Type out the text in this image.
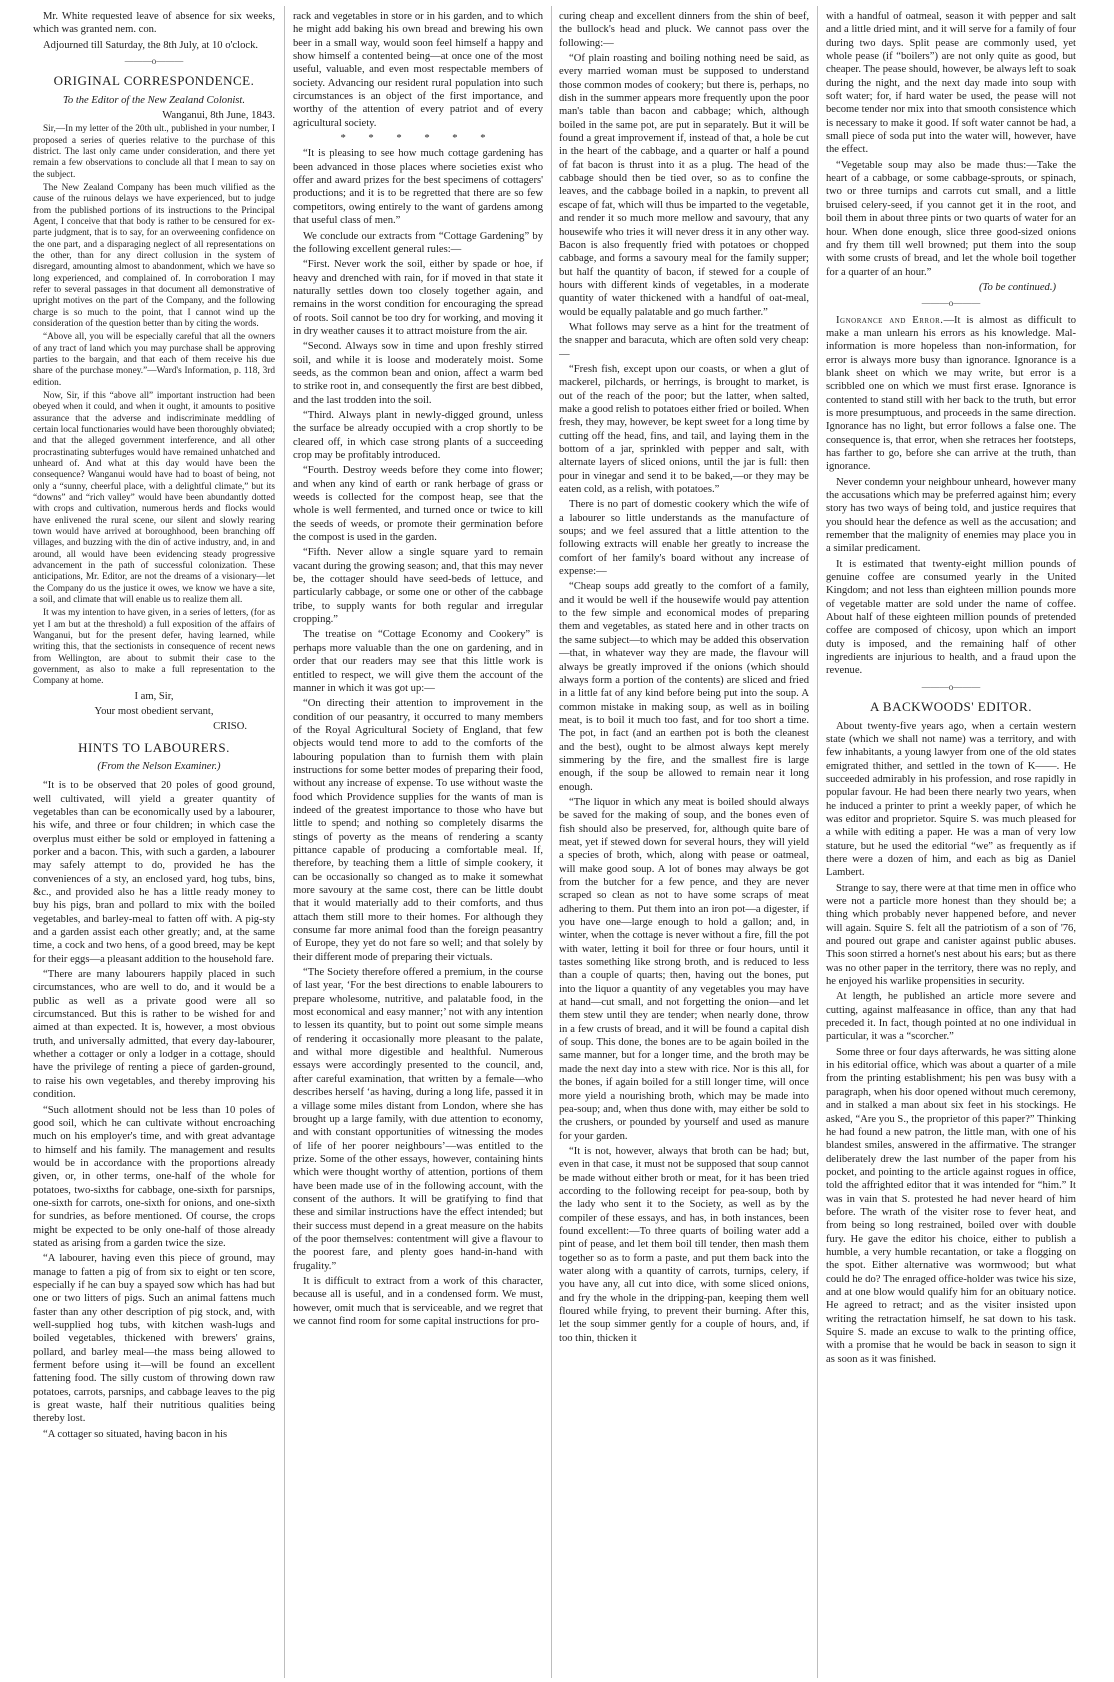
Mr. White requested leave of absence for six weeks, which was granted nem. con.

Adjourned till Saturday, the 8th July, at 10 o'clock.

———o———
ORIGINAL CORRESPONDENCE.

To the Editor of the New Zealand Colonist.

Wanganui, 8th June, 1843.

Sir,—In my letter of the 20th ult., published in your number, I proposed a series of queries relative to the purchase of this district. The last only came under consideration, and there yet remain a few observations to conclude all that I mean to say on the subject.

The New Zealand Company has been much vilified as the cause of the ruinous delays we have experienced, but to judge from the published portions of its instructions to the Principal Agent, I conceive that that body is rather to be censured for ex-parte judgment, that is to say, for an overweening confidence on the one part, and a disparaging neglect of all representations on the other, than for any direct collusion in the system of disregard, amounting almost to abandonment, which we have so long experienced, and complained of. In corroboration I may refer to several passages in that document all demonstrative of upright motives on the part of the Company, and the following charge is so much to the point, that I cannot wind up the consideration of the question better than by citing the words.

“Above all, you will be especially careful that all the owners of any tract of land which you may purchase shall be approving parties to the bargain, and that each of them receive his due share of the purchase money.”—Ward's Information, p. 118, 3rd edition.

Now, Sir, if this “above all” important instruction had been obeyed when it could, and when it ought, it amounts to positive assurance that the adverse and indiscriminate meddling of certain local functionaries would have been thoroughly obviated; and that the alleged government interference, and all other procrastinating subterfuges would have remained unhatched and unheard of. And what at this day would have been the consequence? Wanganui would have had to boast of being, not only a “sunny, cheerful place, with a delightful climate,” but its “downs” and “rich valley” would have been abundantly dotted with crops and cultivation, numerous herds and flocks would have enlivened the rural scene, our silent and slowly rearing town would have arrived at boroughhood, been branching off villages, and buzzing with the din of active industry, and, in and around, all would have been evidencing steady progressive advancement in the path of successful colonization. These anticipations, Mr. Editor, are not the dreams of a visionary—let the Company do us the justice it owes, we know we have a site, a soil, and climate that will enable us to realize them all.

It was my intention to have given, in a series of letters, (for as yet I am but at the threshold) a full exposition of the affairs of Wanganui, but for the present defer, having learned, while writing this, that the sectionists in consequence of recent news from Wellington, are about to submit their case to the government, as also to make a full representation to the Company at home.

I am, Sir,

Your most obedient servant,

CRISO.

HINTS TO LABOURERS.

(From the Nelson Examiner.)

“It is to be observed that 20 poles of good ground, well cultivated, will yield a greater quantity of vegetables than can be economically used by a labourer, his wife, and three or four children; in which case the overplus must either be sold or employed in fattening a porker and a bacon. This, with such a garden, a labourer may safely attempt to do, provided he has the conveniences of a sty, an enclosed yard, hog tubs, bins, &c., and provided also he has a little ready money to buy his pigs, bran and pollard to mix with the boiled vegetables, and barley-meal to fatten off with. A pig-sty and a garden assist each other greatly; and, at the same time, a cock and two hens, of a good breed, may be kept for their eggs—a pleasant addition to the household fare.

“There are many labourers happily placed in such circumstances, who are well to do, and it would be a public as well as a private good were all so circumstanced. But this is rather to be wished for and aimed at than expected. It is, however, a most obvious truth, and universally admitted, that every day-labourer, whether a cottager or only a lodger in a cottage, should have the privilege of renting a piece of garden-ground, to raise his own vegetables, and thereby improving his condition.

“Such allotment should not be less than 10 poles of good soil, which he can cultivate without encroaching much on his employer's time, and with great advantage to himself and his family. The management and results would be in accordance with the proportions already given, or, in other terms, one-half of the whole for potatoes, two-sixths for cabbage, one-sixth for parsnips, one-sixth for carrots, one-sixth for onions, and one-sixth for sundries, as before mentioned. Of course, the crops might be expected to be only one-half of those already stated as arising from a garden twice the size.

“A labourer, having even this piece of ground, may manage to fatten a pig of from six to eight or ten score, especially if he can buy a spayed sow which has had but one or two litters of pigs. Such an animal fattens much faster than any other description of pig stock, and, with well-supplied hog tubs, with kitchen wash-lugs and boiled vegetables, thickened with brewers' grains, pollard, and barley meal—the mass being allowed to ferment before using it—will be found an excellent fattening food. The silly custom of throwing down raw potatoes, carrots, parsnips, and cabbage leaves to the pig is great waste, half their nutritious qualities being thereby lost.

“A cottager so situated, having bacon in his

rack and vegetables in store or in his garden, and to which he might add baking his own bread and brewing his own beer in a small way, would soon feel himself a happy and show himself a contented being—at once one of the most useful, valuable, and even most respectable members of society. Advancing our resident rural population into such circumstances is an object of the first importance, and worthy of the attention of every patriot and of every agricultural society.

* * * * * *

“It is pleasing to see how much cottage gardening has been advanced in those places where societies exist who offer and award prizes for the best specimens of cottagers' productions; and it is to be regretted that there are so few competitors, owing entirely to the want of gardens among that useful class of men.”

We conclude our extracts from “Cottage Gardening” by the following excellent general rules:—

“First. Never work the soil, either by spade or hoe, if heavy and drenched with rain, for if moved in that state it naturally settles down too closely together again, and remains in the worst condition for encouraging the spread of roots. Soil cannot be too dry for working, and moving it in dry weather causes it to attract moisture from the air.

“Second. Always sow in time and upon freshly stirred soil, and while it is loose and moderately moist. Some seeds, as the common bean and onion, affect a warm bed to strike root in, and consequently the first are best dibbed, and the last trodden into the soil.

“Third. Always plant in newly-digged ground, unless the surface be already occupied with a crop shortly to be cleared off, in which case strong plants of a succeeding crop may be profitably introduced.

“Fourth. Destroy weeds before they come into flower; and when any kind of earth or rank herbage of grass or weeds is collected for the compost heap, see that the whole is well fermented, and turned once or twice to kill the seeds of weeds, or promote their germination before the compost is used in the garden.

“Fifth. Never allow a single square yard to remain vacant during the growing season; and, that this may never be, the cottager should have seed-beds of lettuce, and particularly cabbage, or some one or other of the cabbage tribe, to supply wants for both regular and irregular cropping.”

The treatise on “Cottage Economy and Cookery” is perhaps more valuable than the one on gardening, and in order that our readers may see that this little work is entitled to respect, we will give them the account of the manner in which it was got up:—

“On directing their attention to improvement in the condition of our peasantry, it occurred to many members of the Royal Agricultural Society of England, that few objects would tend more to add to the comforts of the labouring population than to furnish them with plain instructions for some better modes of preparing their food, without any increase of expense. To use without waste the food which Providence supplies for the wants of man is indeed of the greatest importance to those who have but little to spend; and nothing so completely disarms the stings of poverty as the means of rendering a scanty pittance capable of producing a comfortable meal. If, therefore, by teaching them a little of simple cookery, it can be occasionally so changed as to make it somewhat more savoury at the same cost, there can be little doubt that it would materially add to their comforts, and thus attach them still more to their homes. For although they consume far more animal food than the foreign peasantry of Europe, they yet do not fare so well; and that solely by their different mode of preparing their victuals.

“The Society therefore offered a premium, in the course of last year, ‘For the best directions to enable labourers to prepare wholesome, nutritive, and palatable food, in the most economical and easy manner;’ not with any intention to lessen its quantity, but to point out some simple means of rendering it occasionally more pleasant to the palate, and withal more digestible and healthful. Numerous essays were accordingly presented to the council, and, after careful examination, that written by a female—who describes herself ‘as having, during a long life, passed it in a village some miles distant from London, where she has brought up a large family, with due attention to economy, and with constant opportunities of witnessing the modes of life of her poorer neighbours’—was entitled to the prize. Some of the other essays, however, containing hints which were thought worthy of attention, portions of them have been made use of in the following account, with the consent of the authors. It will be gratifying to find that these and similar instructions have the effect intended; but their success must depend in a great measure on the habits of the poor themselves: contentment will give a flavour to the poorest fare, and plenty goes hand-in-hand with frugality.”

It is difficult to extract from a work of this character, because all is useful, and in a condensed form. We must, however, omit much that is serviceable, and we regret that we cannot find room for some capital instructions for pro-

curing cheap and excellent dinners from the shin of beef, the bullock's head and pluck. We cannot pass over the following:—

“Of plain roasting and boiling nothing need be said, as every married woman must be supposed to understand those common modes of cookery; but there is, perhaps, no dish in the summer appears more frequently upon the poor man's table than bacon and cabbage; which, although boiled in the same pot, are put in separately. But it will be found a great improvement if, instead of that, a hole be cut in the heart of the cabbage, and a quarter or half a pound of fat bacon is thrust into it as a plug. The head of the cabbage should then be tied over, so as to confine the leaves, and the cabbage boiled in a napkin, to prevent all escape of fat, which will thus be imparted to the vegetable, and render it so much more mellow and savoury, that any housewife who tries it will never dress it in any other way. Bacon is also frequently fried with potatoes or chopped cabbage, and forms a savoury meal for the family supper; but half the quantity of bacon, if stewed for a couple of hours with different kinds of vegetables, in a moderate quantity of water thickened with a handful of oat-meal, would be equally palatable and go much farther.”

What follows may serve as a hint for the treatment of the snapper and baracuta, which are often sold very cheap:—

“Fresh fish, except upon our coasts, or when a glut of mackerel, pilchards, or herrings, is brought to market, is out of the reach of the poor; but the latter, when salted, make a good relish to potatoes either fried or boiled. When fresh, they may, however, be kept sweet for a long time by cutting off the head, fins, and tail, and laying them in the bottom of a jar, sprinkled with pepper and salt, with alternate layers of sliced onions, until the jar is full: then pour in vinegar and send it to be baked,—or they may be eaten cold, as a relish, with potatoes.”

There is no part of domestic cookery which the wife of a labourer so little understands as the manufacture of soups; and we feel assured that a little attention to the following extracts will enable her greatly to increase the comfort of her family's board without any increase of expense:—

“Cheap soups add greatly to the comfort of a family, and it would be well if the housewife would pay attention to the few simple and economical modes of preparing them and vegetables, as stated here and in other tracts on the same subject—to which may be added this observation—that, in whatever way they are made, the flavour will always be greatly improved if the onions (which should always form a portion of the contents) are sliced and fried in a little fat of any kind before being put into the soup. A common mistake in making soup, as well as in boiling meat, is to boil it much too fast, and for too short a time. The pot, in fact (and an earthen pot is both the cleanest and the best), ought to be almost always kept merely simmering by the fire, and the smallest fire is large enough, if the soup be allowed to remain near it long enough.

“The liquor in which any meat is boiled should always be saved for the making of soup, and the bones even of fish should also be preserved, for, although quite bare of meat, yet if stewed down for several hours, they will yield a species of broth, which, along with pease or oatmeal, will make good soup. A lot of bones may always be got from the butcher for a few pence, and they are never scraped so clean as not to have some scraps of meat adhering to them. Put them into an iron pot—a digester, if you have one—large enough to hold a gallon; and, in winter, when the cottage is never without a fire, fill the pot with water, letting it boil for three or four hours, until it tastes something like strong broth, and is reduced to less than a couple of quarts; then, having out the bones, put into the liquor a quantity of any vegetables you may have at hand—cut small, and not forgetting the onion—and let them stew until they are tender; when nearly done, throw in a few crusts of bread, and it will be found a capital dish of soup. This done, the bones are to be again boiled in the same manner, but for a longer time, and the broth may be made the next day into a stew with rice. Nor is this all, for the bones, if again boiled for a still longer time, will once more yield a nourishing broth, which may be made into pea-soup; and, when thus done with, may either be sold to the crushers, or pounded by yourself and used as manure for your garden.

“It is not, however, always that broth can be had; but, even in that case, it must not be supposed that soup cannot be made without either broth or meat, for it has been tried according to the following receipt for pea-soup, both by the lady who sent it to the Society, as well as by the compiler of these essays, and has, in both instances, been found excellent:—To three quarts of boiling water add a pint of pease, and let them boil till tender, then mash them together so as to form a paste, and put them back into the water along with a quantity of carrots, turnips, celery, if you have any, all cut into dice, with some sliced onions, and fry the whole in the dripping-pan, keeping them well floured while frying, to prevent their burning. After this, let the soup simmer gently for a couple of hours, and, if too thin, thicken it

with a handful of oatmeal, season it with pepper and salt and a little dried mint, and it will serve for a family of four during two days. Split pease are commonly used, yet whole pease (if “boilers”) are not only quite as good, but cheaper. The pease should, however, be always left to soak during the night, and the next day made into soup with soft water; for, if hard water be used, the pease will not become tender nor mix into that smooth consistence which is necessary to make it good. If soft water cannot be had, a small piece of soda put into the water will, however, have the effect.

“Vegetable soup may also be made thus:—Take the heart of a cabbage, or some cabbage-sprouts, or spinach, two or three turnips and carrots cut small, and a little bruised celery-seed, if you cannot get it in the root, and boil them in about three pints or two quarts of water for an hour. When done enough, slice three good-sized onions and fry them till well browned; put them into the soup with some crusts of bread, and let the whole boil together for a quarter of an hour.”

(To be continued.)

———o———

Ignorance and Error.—It is almost as difficult to make a man unlearn his errors as his knowledge. Mal-information is more hopeless than non-information, for error is always more busy than ignorance. Ignorance is a blank sheet on which we may write, but error is a scribbled one on which we must first erase. Ignorance is contented to stand still with her back to the truth, but error is more presumptuous, and proceeds in the same direction. Ignorance has no light, but error follows a false one. The consequence is, that error, when she retraces her footsteps, has farther to go, before she can arrive at the truth, than ignorance.

Never condemn your neighbour unheard, however many the accusations which may be preferred against him; every story has two ways of being told, and justice requires that you should hear the defence as well as the accusation; and remember that the malignity of enemies may place you in a similar predicament.

It is estimated that twenty-eight million pounds of genuine coffee are consumed yearly in the United Kingdom; and not less than eighteen million pounds more of vegetable matter are sold under the name of coffee. About half of these eighteen million pounds of pretended coffee are composed of chicosy, upon which an import duty is imposed, and the remaining half of other ingredients are injurious to health, and a fraud upon the revenue.

———o———
A BACKWOODS' EDITOR.

About twenty-five years ago, when a certain western state (which we shall not name) was a territory, and with few inhabitants, a young lawyer from one of the old states emigrated thither, and settled in the town of K——. He succeeded admirably in his profession, and rose rapidly in popular favour. He had been there nearly two years, when he induced a printer to print a weekly paper, of which he was editor and proprietor. Squire S. was much pleased for a while with editing a paper. He was a man of very low stature, but he used the editorial “we” as frequently as if there were a dozen of him, and each as big as Daniel Lambert.

Strange to say, there were at that time men in office who were not a particle more honest than they should be; a thing which probably never happened before, and never will again. Squire S. felt all the patriotism of a son of '76, and poured out grape and canister against public abuses. This soon stirred a hornet's nest about his ears; but as there was no other paper in the territory, there was no reply, and he enjoyed his warlike propensities in security.

At length, he published an article more severe and cutting, against malfeasance in office, than any that had preceded it. In fact, though pointed at no one individual in particular, it was a “scorcher.”

Some three or four days afterwards, he was sitting alone in his editorial office, which was about a quarter of a mile from the printing establishment; his pen was busy with a paragraph, when his door opened without much ceremony, and in stalked a man about six feet in his stockings. He asked, “Are you S., the proprietor of this paper?” Thinking he had found a new patron, the little man, with one of his blandest smiles, answered in the affirmative. The stranger deliberately drew the last number of the paper from his pocket, and pointing to the article against rogues in office, told the affrighted editor that it was intended for “him.” It was in vain that S. protested he had never heard of him before. The wrath of the visiter rose to fever heat, and from being so long restrained, boiled over with double fury. He gave the editor his choice, either to publish a humble, a very humble recantation, or take a flogging on the spot. Either alternative was wormwood; but what could he do? The enraged office-holder was twice his size, and at one blow would qualify him for an obituary notice. He agreed to retract; and as the visiter insisted upon writing the retractation himself, he sat down to his task. Squire S. made an excuse to walk to the printing office, with a promise that he would be back in season to sign it as soon as it was finished.
